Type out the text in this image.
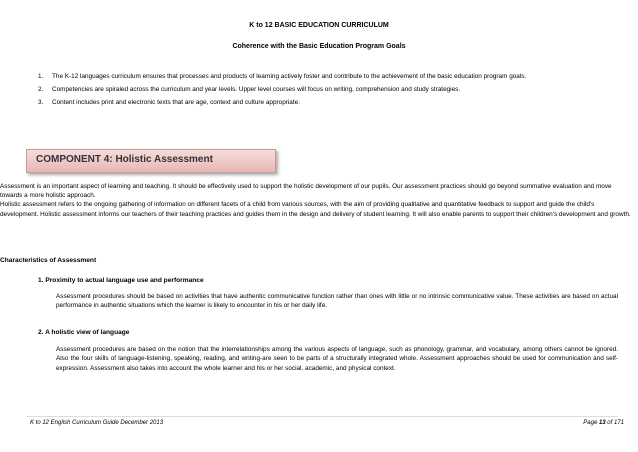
K to 12 BASIC EDUCATION CURRICULUM
Coherence with the Basic Education Program Goals
1. The K-12 languages curriculum ensures that processes and products of learning actively foster and contribute to the achievement of the basic education program goals.
2. Competencies are spiraled across the curriculum and year levels. Upper level courses will focus on writing, comprehension and study strategies.
3. Content includes print and electronic texts that are age, context and culture appropriate.
COMPONENT 4: Holistic Assessment
Assessment is an important aspect of learning and teaching. It should be effectively used to support the holistic development of our pupils. Our assessment practices should go beyond summative evaluation and move towards a more holistic approach.
Holistic assessment refers to the ongoing gathering of information on different facets of a child from various sources, with the aim of providing qualitative and quantitative feedback to support and guide the child's development. Holistic assessment informs our teachers of their teaching practices and guides them in the design and delivery of student learning. It will also enable parents to support their children's development and growth.
Characteristics of Assessment
1. Proximity to actual language use and performance
Assessment procedures should be based on activities that have authentic communicative function rather than ones with little or no intrinsic communicative value. These activities are based on actual performance in authentic situations which the learner is likely to encounter in his or her daily life.
2. A holistic view of language
Assessment procedures are based on the notion that the interrelationships among the various aspects of language, such as phonology, grammar, and vocabulary, among others cannot be ignored. Also the four skills of language-listening, speaking, reading, and writing-are seen to be parts of a structurally integrated whole. Assessment approaches should be used for communication and self-expression. Assessment also takes into account the whole learner and his or her social, academic, and physical context.
K to 12 English Curriculum Guide December 2013	Page 13 of 171
